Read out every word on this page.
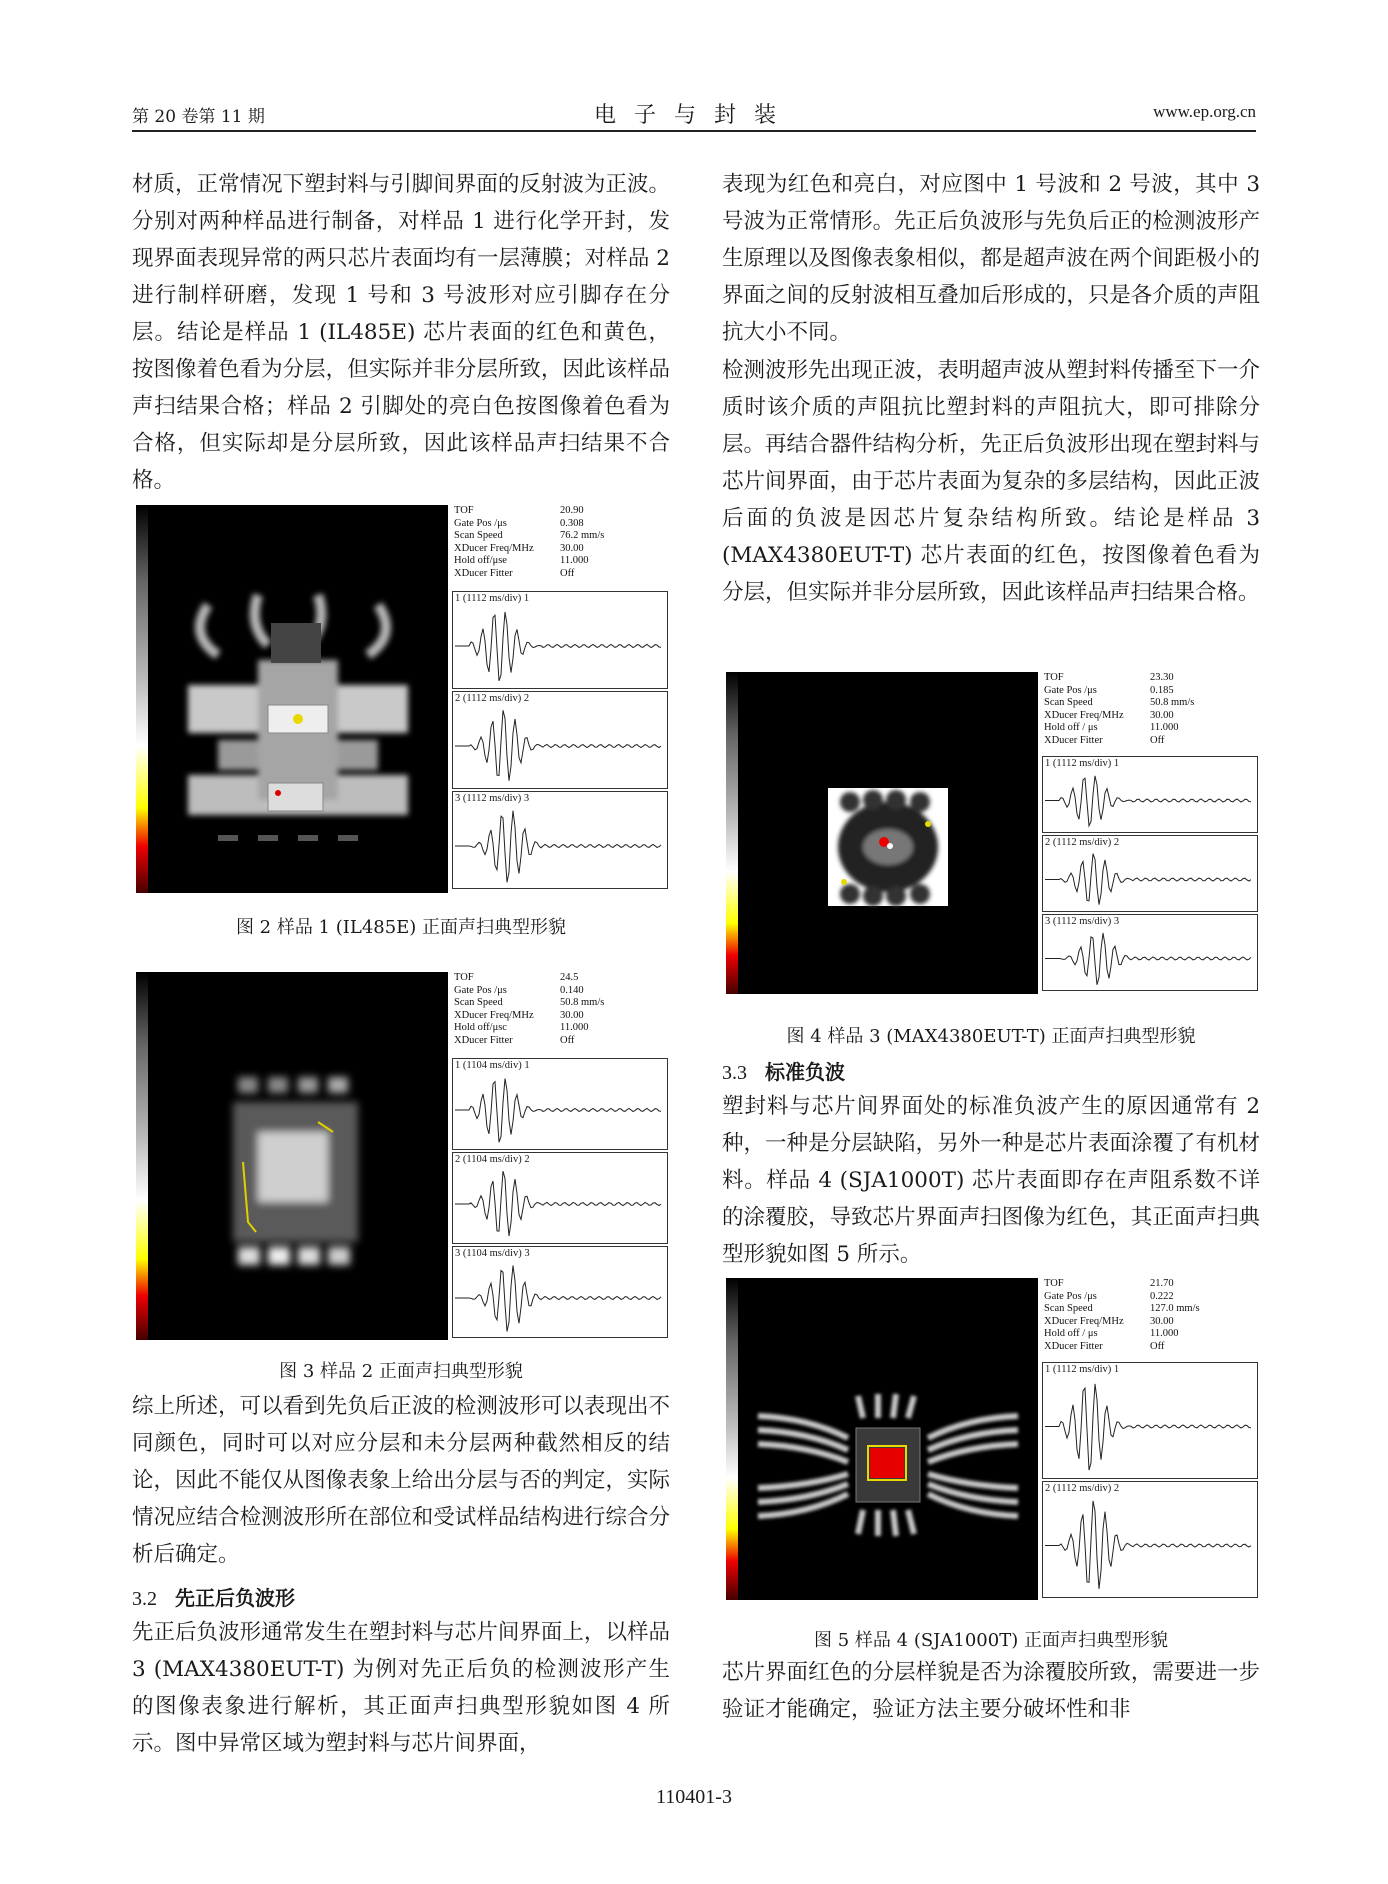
第 20 卷第 11 期	电子与封装	www.ep.org.cn

材质，正常情况下塑封料与引脚间界面的反射波为正波。分别对两种样品进行制备，对样品 1 进行化学开封，发现界面表现异常的两只芯片表面均有一层薄膜；对样品 2 进行制样研磨，发现 1 号和 3 号波形对应引脚存在分层。结论是样品 1 (IL485E) 芯片表面的红色和黄色，按图像着色看为分层，但实际并非分层所致，因此该样品声扫结果合格；样品 2 引脚处的亮白色按图像着色看为合格，但实际却是分层所致，因此该样品声扫结果不合格。

TOF	20.90
Gate Pos /μs	0.308
Scan Speed	76.2 mm/s
XDucer Freq/MHz	30.00
Hold off/μse	11.000
XDucer Fitter	Off
1 (1112 ms/div) 1
2 (1112 ms/div) 2
3 (1112 ms/div) 3
图 2 样品 1 (IL485E) 正面声扫典型形貌
TOF	24.5
Gate Pos /μs	0.140
Scan Speed	50.8 mm/s
XDucer Freq/MHz	30.00
Hold off/μsc	11.000
XDucer Fitter	Off
1 (1104 ms/div) 1
2 (1104 ms/div) 2
3 (1104 ms/div) 3
图 3 样品 2 正面声扫典型形貌

综上所述，可以看到先负后正波的检测波形可以表现出不同颜色，同时可以对应分层和未分层两种截然相反的结论，因此不能仅从图像表象上给出分层与否的判定，实际情况应结合检测波形所在部位和受试样品结构进行综合分析后确定。

3.2 先正后负波形

先正后负波形通常发生在塑封料与芯片间界面上，以样品 3 (MAX4380EUT-T) 为例对先正后负的检测波形产生的图像表象进行解析，其正面声扫典型形貌如图 4 所示。图中异常区域为塑封料与芯片间界面，

表现为红色和亮白，对应图中 1 号波和 2 号波，其中 3 号波为正常情形。先正后负波形与先负后正的检测波形产生原理以及图像表象相似，都是超声波在两个间距极小的界面之间的反射波相互叠加后形成的，只是各介质的声阻抗大小不同。

检测波形先出现正波，表明超声波从塑封料传播至下一介质时该介质的声阻抗比塑封料的声阻抗大，即可排除分层。再结合器件结构分析，先正后负波形出现在塑封料与芯片间界面，由于芯片表面为复杂的多层结构，因此正波后面的负波是因芯片复杂结构所致。结论是样品 3 (MAX4380EUT-T) 芯片表面的红色，按图像着色看为分层，但实际并非分层所致，因此该样品声扫结果合格。

TOF	23.30
Gate Pos /μs	0.185
Scan Speed	50.8 mm/s
XDucer Freq/MHz	30.00
Hold off / μs	11.000
XDucer Fitter	Off
1 (1112 ms/div) 1
2 (1112 ms/div) 2
3 (1112 ms/div) 3
图 4 样品 3 (MAX4380EUT-T) 正面声扫典型形貌
3.3 标准负波

塑封料与芯片间界面处的标准负波产生的原因通常有 2 种，一种是分层缺陷，另外一种是芯片表面涂覆了有机材料。样品 4 (SJA1000T) 芯片表面即存在声阻系数不详的涂覆胶，导致芯片界面声扫图像为红色，其正面声扫典型形貌如图 5 所示。

TOF	21.70
Gate Pos /μs	0.222
Scan Speed	127.0 mm/s
XDucer Freq/MHz	30.00
Hold off / μs	11.000
XDucer Fitter	Off
1 (1112 ms/div) 1
2 (1112 ms/div) 2
图 5 样品 4 (SJA1000T) 正面声扫典型形貌

芯片界面红色的分层样貌是否为涂覆胶所致，需要进一步验证才能确定，验证方法主要分破坏性和非

110401-3
